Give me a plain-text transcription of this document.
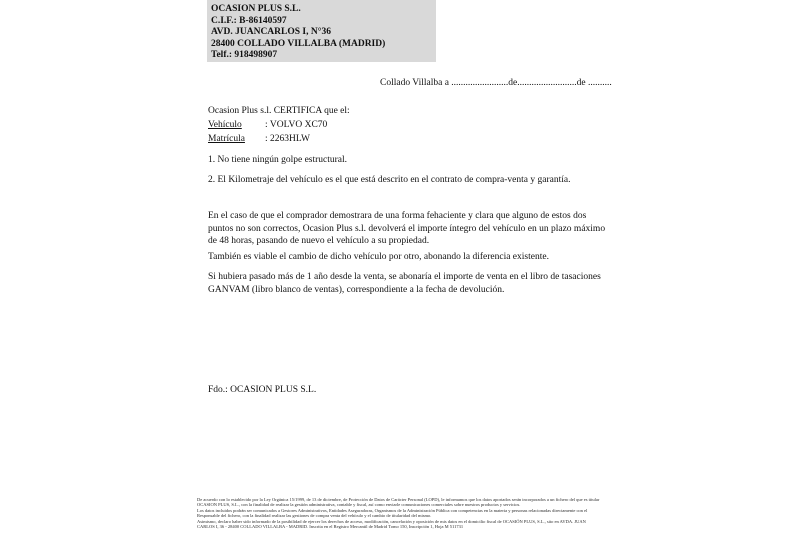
OCASION PLUS S.L.
C.I.F.: B-86140597
AVD. JUANCARLOS I, N°36
28400 COLLADO VILLALBA (MADRID)
Telf.: 918498907
Collado Villalba a ........................de.........................de ..........
Ocasion Plus s.l. CERTIFICA que el:
Vehículo : VOLVO XC70
Matrícula : 2263HLW
1. No tiene ningún golpe estructural.
2. El Kilometraje del vehículo es el que está descrito en el contrato de compra-venta y garantía.
En el caso de que el comprador demostrara de una forma fehaciente y clara que alguno de estos dos puntos no son correctos, Ocasion Plus s.l. devolverá el importe íntegro del vehículo en un plazo máximo de 48 horas, pasando de nuevo el vehículo a su propiedad.
También es viable el cambio de dicho vehículo por otro, abonando la diferencia existente.
Si hubiera pasado más de 1 año desde la venta, se abonaría el importe de venta en el libro de tasaciones GANVAM (libro blanco de ventas), correspondiente a la fecha de devolución.
Fdo.: OCASION PLUS S.L.
De acuerdo con lo establecido por la Ley Orgánica 15/1999, de 13 de diciembre, de Protección de Datos de Carácter Personal (LOPD), le informamos que los datos aportados serán incorporados a un fichero del que es titular
OCASION PLUS, S.L., con la finalidad de realizar la gestión administrativa, contable y fiscal, así como enviarle comunicaciones comerciales sobre nuestros productos y servicios.
Los datos incluidos podrán ser comunicados a Gestores Administrativos, Entidades Aseguradoras, Organismos de la Administración Pública con competencias en la materia y personas relacionadas directamente con el
Responsable del fichero, con la finalidad realizar las gestiones de compra venta del vehículo y el cambio de titularidad del mismo.
Asimismo, declaro haber sido informado de la posibilidad de ejercer los derechos de acceso, modificación, cancelación y oposición de mis datos en el domicilio fiscal de OCASIÓN PLUS, S.L., sito en AVDA. JUAN
CARLOS I, 36 - 28400 COLLADO VILLALBA - MADRID. Inscrita en el Registro Mercantil de Madrid Tomo 150, Inscripción 1, Hoja M 511731
